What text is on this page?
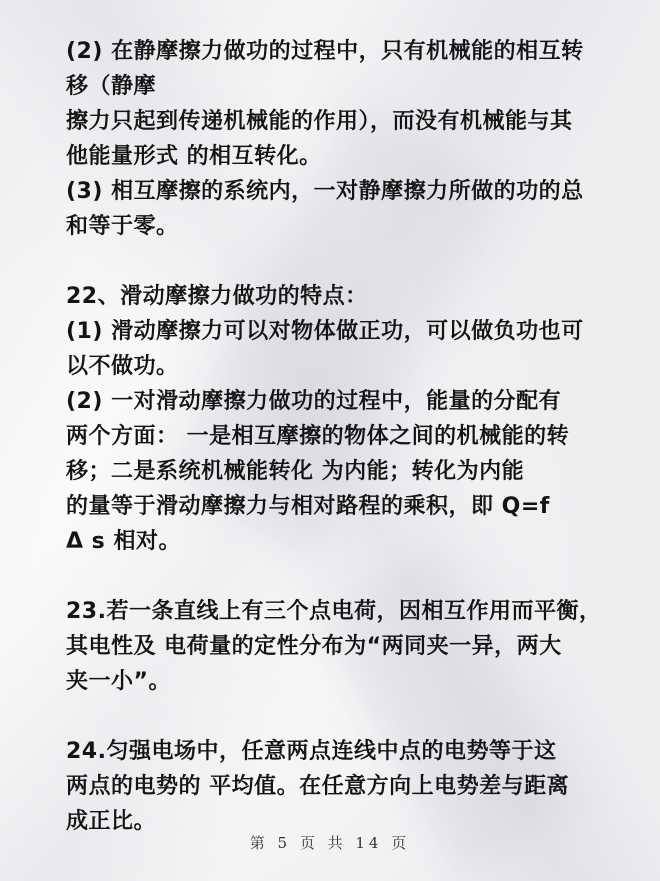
(2) 在静摩擦力做功的过程中，只有机械能的相互转
移（静摩
擦力只起到传递机械能的作用），而没有机械能与其
他能量形式 的相互转化。
(3) 相互摩擦的系统内，一对静摩擦力所做的功的总
和等于零。
22、滑动摩擦力做功的特点：
(1) 滑动摩擦力可以对物体做正功，可以做负功也可
以不做功。
(2) 一对滑动摩擦力做功的过程中，能量的分配有
两个方面： 一是相互摩擦的物体之间的机械能的转
移；二是系统机械能转化 为内能；转化为内能
的量等于滑动摩擦力与相对路程的乘积，即 Q=f
Δ s 相对。
23.若一条直线上有三个点电荷，因相互作用而平衡，
其电性及 电荷量的定性分布为“两同夹一异，两大
夹一小”。
24.匀强电场中，任意两点连线中点的电势等于这
两点的电势的 平均值。在任意方向上电势差与距离
成正比。
第 5 页 共 14 页
